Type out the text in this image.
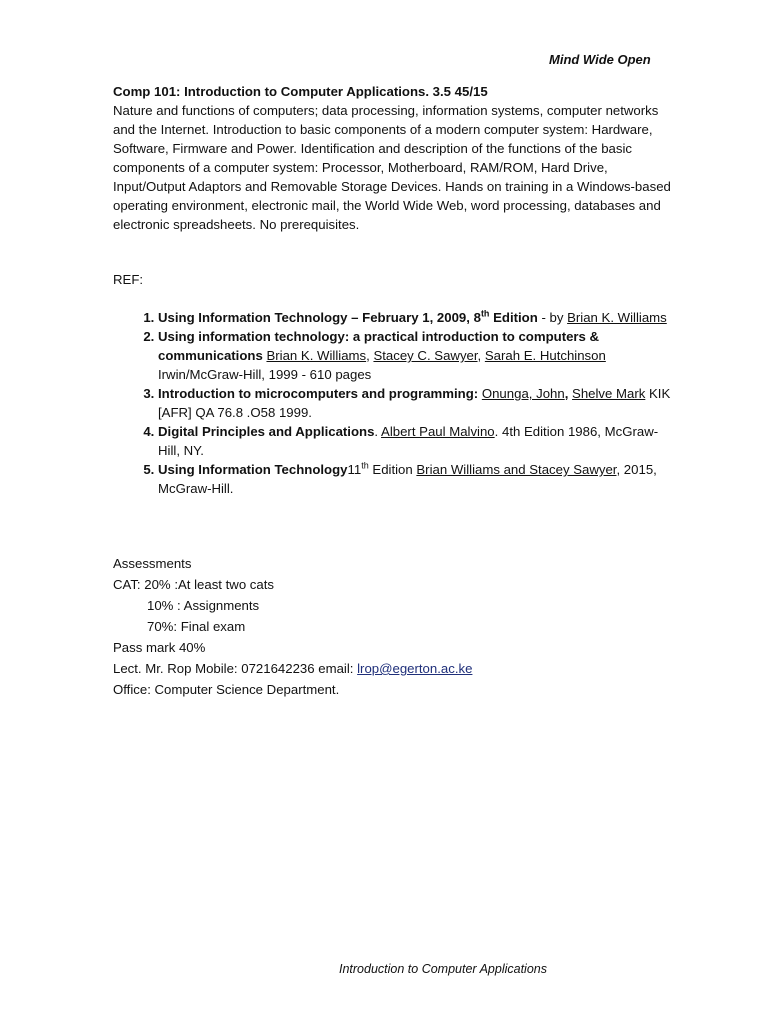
Mind Wide Open

Comp 101: Introduction to Computer Applications. 3.5 45/15

Nature and functions of computers; data processing, information systems, computer networks and the Internet. Introduction to basic components of a modern computer system: Hardware, Software, Firmware and Power. Identification and description of the functions of the basic components of a computer system: Processor, Motherboard, RAM/ROM, Hard Drive, Input/Output Adaptors and Removable Storage Devices. Hands on training in a Windows-based operating environment, electronic mail, the World Wide Web, word processing, databases and electronic spreadsheets. No prerequisites.

REF:

1. Using Information Technology – February 1, 2009, 8th Edition - by Brian K. Williams
2. Using information technology: a practical introduction to computers & communications Brian K. Williams, Stacey C. Sawyer, Sarah E. Hutchinson
Irwin/McGraw-Hill, 1999 - 610 pages
3. Introduction to microcomputers and programming: Onunga, John, Shelve Mark KIK [AFR] QA 76.8 .O58 1999.
4. Digital Principles and Applications. Albert Paul Malvino. 4th Edition 1986, McGraw-Hill, NY.
5. Using Information Technology11th Edition Brian Williams and Stacey Sawyer, 2015, McGraw-Hill.
Assessments
CAT: 20% :At least two cats
10% : Assignments
70%: Final exam
Pass mark 40%
Lect. Mr. Rop Mobile: 0721642236 email: lrop@egerton.ac.ke
Office: Computer Science Department.
Introduction to Computer Applications
